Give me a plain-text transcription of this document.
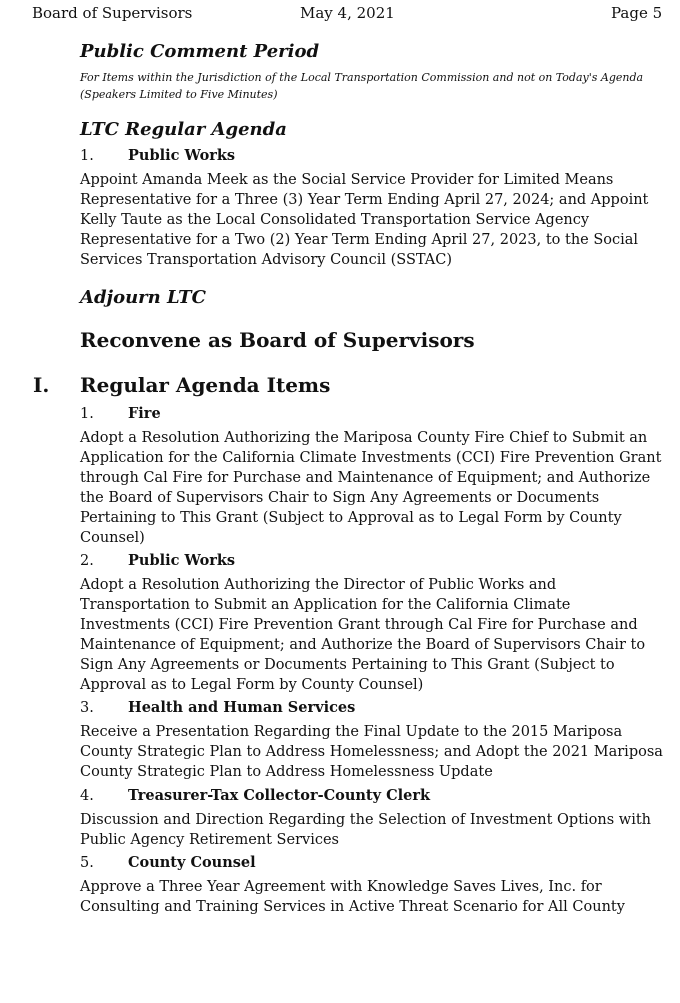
Board of Supervisors	May 4, 2021	Page 5
Public Comment Period
For Items within the Jurisdiction of the Local Transportation Commission and not on Today's Agenda (Speakers Limited to Five Minutes)
LTC Regular Agenda
1. Public Works
Appoint Amanda Meek as the Social Service Provider for Limited Means Representative for a Three (3) Year Term Ending April 27, 2024; and Appoint Kelly Taute as the Local Consolidated Transportation Service Agency Representative for a Two (2) Year Term Ending April 27, 2023, to the Social Services Transportation Advisory Council (SSTAC)
Adjourn LTC
Reconvene as Board of Supervisors
I. Regular Agenda Items
1. Fire
Adopt a Resolution Authorizing the Mariposa County Fire Chief to Submit an Application for the California Climate Investments (CCI) Fire Prevention Grant through Cal Fire for Purchase and Maintenance of Equipment; and Authorize the Board of Supervisors Chair to Sign Any Agreements or Documents Pertaining to This Grant (Subject to Approval as to Legal Form by County Counsel)
2. Public Works
Adopt a Resolution Authorizing the Director of Public Works and Transportation to Submit an Application for the California Climate Investments (CCI) Fire Prevention Grant through Cal Fire for Purchase and Maintenance of Equipment; and Authorize the Board of Supervisors Chair to Sign Any Agreements or Documents Pertaining to This Grant (Subject to Approval as to Legal Form by County Counsel)
3. Health and Human Services
Receive a Presentation Regarding the Final Update to the 2015 Mariposa County Strategic Plan to Address Homelessness; and Adopt the 2021 Mariposa County Strategic Plan to Address Homelessness Update
4. Treasurer-Tax Collector-County Clerk
Discussion and Direction Regarding the Selection of Investment Options with Public Agency Retirement Services
5. County Counsel
Approve a Three Year Agreement with Knowledge Saves Lives, Inc. for Consulting and Training Services in Active Threat Scenario for All County
